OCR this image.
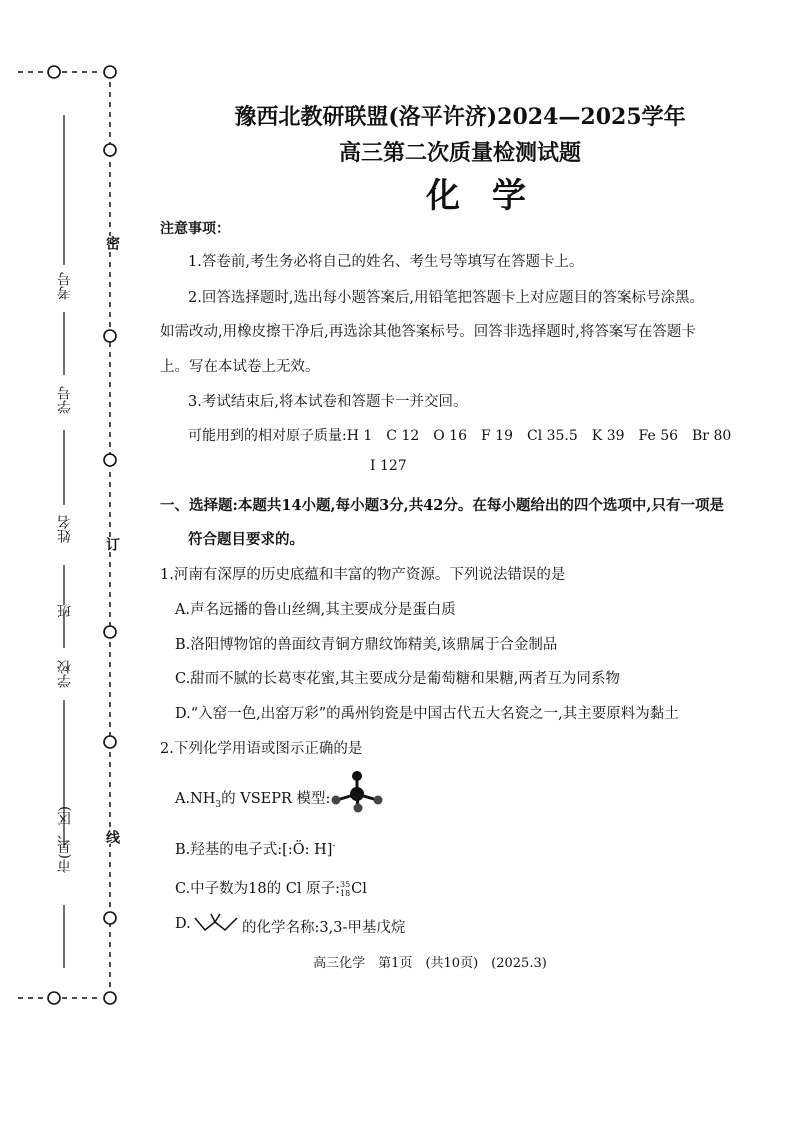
考号
学号
姓名
班
学校
市(县、区)
密
订
线
豫西北教研联盟(洛平许济)2024—2025学年
高三第二次质量检测试题
化学
注意事项：
1.答卷前,考生务必将自己的姓名、考生号等填写在答题卡上。
2.回答选择题时,选出每小题答案后,用铅笔把答题卡上对应题目的答案标号涂黑。
如需改动,用橡皮擦干净后,再选涂其他答案标号。回答非选择题时,将答案写在答题卡
上。写在本试卷上无效。
3.考试结束后,将本试卷和答题卡一并交回。
可能用到的相对原子质量:H 1　C 12　O 16　F 19　Cl 35.5　K 39　Fe 56　Br 80
I 127
一、选择题:本题共14小题,每小题3分,共42分。在每小题给出的四个选项中,只有一项是
符合题目要求的。
1.河南有深厚的历史底蕴和丰富的物产资源。下列说法错误的是
A.声名远播的鲁山丝绸,其主要成分是蛋白质
B.洛阳博物馆的兽面纹青铜方鼎纹饰精美,该鼎属于合金制品
C.甜而不腻的长葛枣花蜜,其主要成分是葡萄糖和果糖,两者互为同系物
D.“入窑一色,出窑万彩”的禹州钧瓷是中国古代五大名瓷之一,其主要原料为黏土
2.下列化学用语或图示正确的是
$A.NH_3$的 VSEPR 模型:
B.羟基的电子式:[:Ö: H]-
C.中子数为18的 Cl 原子:35
18Cl
D.	的化学名称:3,3-甲基戊烷
高三化学　第1页　 (共10页)　 (2025.3)
